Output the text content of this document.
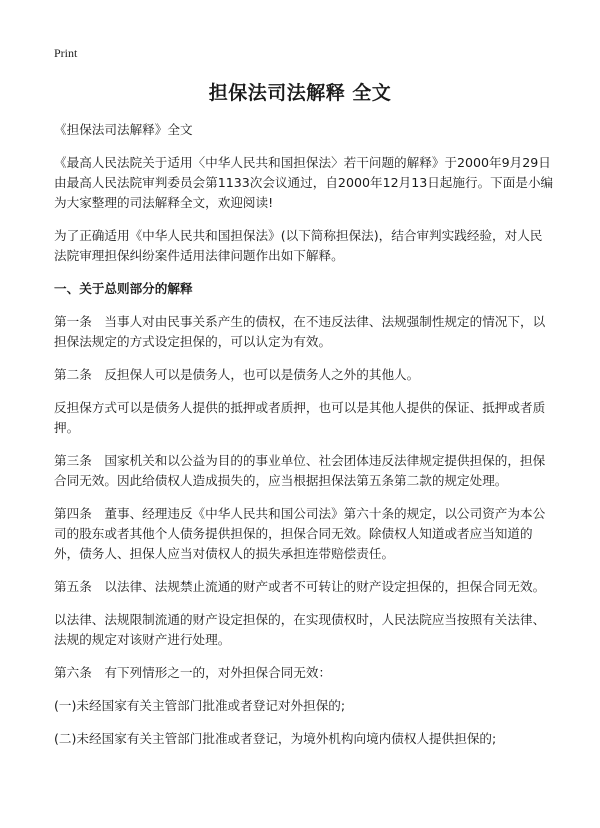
Print
担保法司法解释 全文

《担保法司法解释》全文

《最高人民法院关于适用〈中华人民共和国担保法〉若干问题的解释》于2000年9月29日由最高人民法院审判委员会第1133次会议通过，自2000年12月13日起施行。下面是小编为大家整理的司法解释全文，欢迎阅读!

为了正确适用《中华人民共和国担保法》(以下简称担保法)，结合审判实践经验，对人民法院审理担保纠纷案件适用法律问题作出如下解释。

一、关于总则部分的解释

第一条　当事人对由民事关系产生的债权，在不违反法律、法规强制性规定的情况下，以担保法规定的方式设定担保的，可以认定为有效。

第二条　反担保人可以是债务人，也可以是债务人之外的其他人。

反担保方式可以是债务人提供的抵押或者质押，也可以是其他人提供的保证、抵押或者质押。

第三条　国家机关和以公益为目的的事业单位、社会团体违反法律规定提供担保的，担保合同无效。因此给债权人造成损失的，应当根据担保法第五条第二款的规定处理。

第四条　董事、经理违反《中华人民共和国公司法》第六十条的规定，以公司资产为本公司的股东或者其他个人债务提供担保的，担保合同无效。除债权人知道或者应当知道的外，债务人、担保人应当对债权人的损失承担连带赔偿责任。

第五条　以法律、法规禁止流通的财产或者不可转让的财产设定担保的，担保合同无效。

以法律、法规限制流通的财产设定担保的，在实现债权时，人民法院应当按照有关法律、法规的规定对该财产进行处理。

第六条　有下列情形之一的，对外担保合同无效：

(一)未经国家有关主管部门批准或者登记对外担保的;

(二)未经国家有关主管部门批准或者登记，为境外机构向境内债权人提供担保的;
